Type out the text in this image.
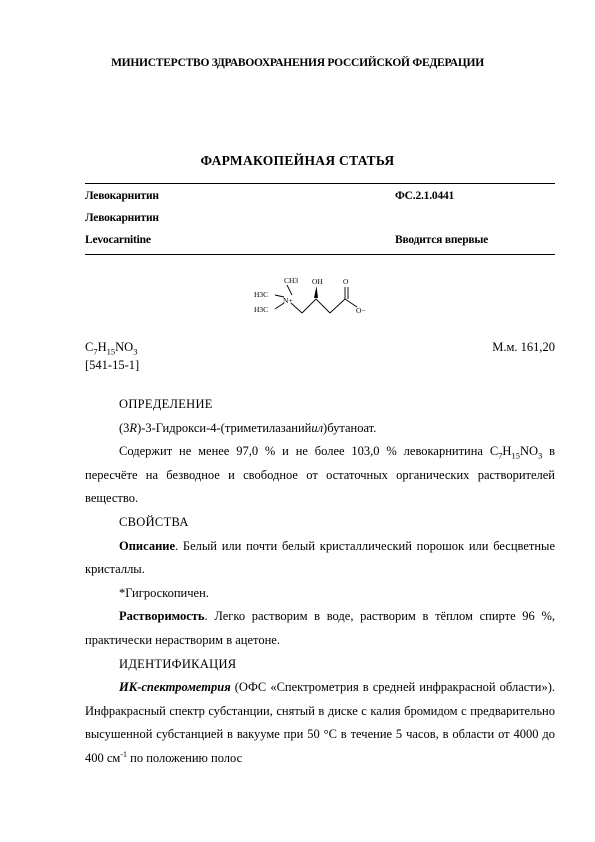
МИНИСТЕРСТВО ЗДРАВООХРАНЕНИЯ РОССИЙСКОЙ ФЕДЕРАЦИИ
ФАРМАКОПЕЙНАЯ СТАТЬЯ
Левокарнитин	ФС.2.1.0441
Левокарнитин
Levocarnitine	Вводится впервые
CH3
H3C
N+
H3C
OH	O
O−
$C_7H_{15}NO_3$	М.м. 161,20
[541-15-1]

ОПРЕДЕЛЕНИЕ

(3R)-3-Гидрокси-4-(триметилазанийил)бутаноат.

Содержит не менее 97,0 % и не более 103,0 % левокарнитина $C_7H_{15}NO_3$ в пересчёте на безводное и свободное от остаточных органических растворителей вещество.

СВОЙСТВА

Описание. Белый или почти белый кристаллический порошок или бесцветные кристаллы.

*Гигроскопичен.

Растворимость. Легко растворим в воде, растворим в тёплом спирте 96 %, практически нерастворим в ацетоне.

ИДЕНТИФИКАЦИЯ

ИК-спектрометрия (ОФС «Спектрометрия в средней инфракрасной области»). Инфракрасный спектр субстанции, снятый в диске с калия бромидом с предварительно высушенной субстанцией в вакууме при 50 °С в течение 5 часов, в области от 4000 до 400 $см^{-1}$ по положению полос
